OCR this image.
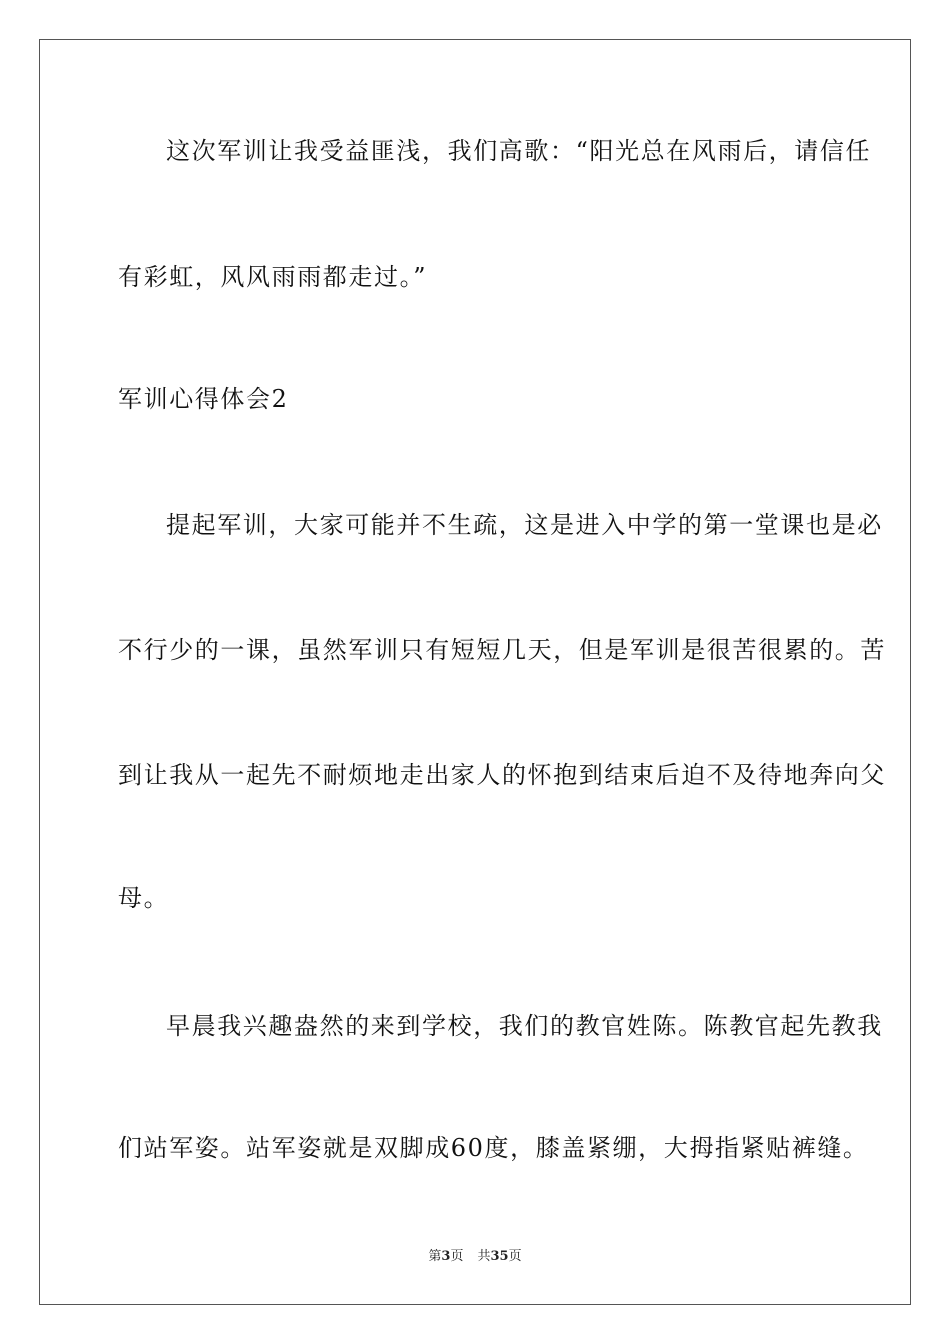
这次军训让我受益匪浅，我们高歌：“阳光总在风雨后，请信任
有彩虹，风风雨雨都走过。”
军训心得体会2
提起军训，大家可能并不生疏，这是进入中学的第一堂课也是必
不行少的一课，虽然军训只有短短几天，但是军训是很苦很累的。苦
到让我从一起先不耐烦地走出家人的怀抱到结束后迫不及待地奔向父
母。
早晨我兴趣盎然的来到学校，我们的教官姓陈。陈教官起先教我
们站军姿。站军姿就是双脚成60度，膝盖紧绷，大拇指紧贴裤缝。
第3页 共35页
